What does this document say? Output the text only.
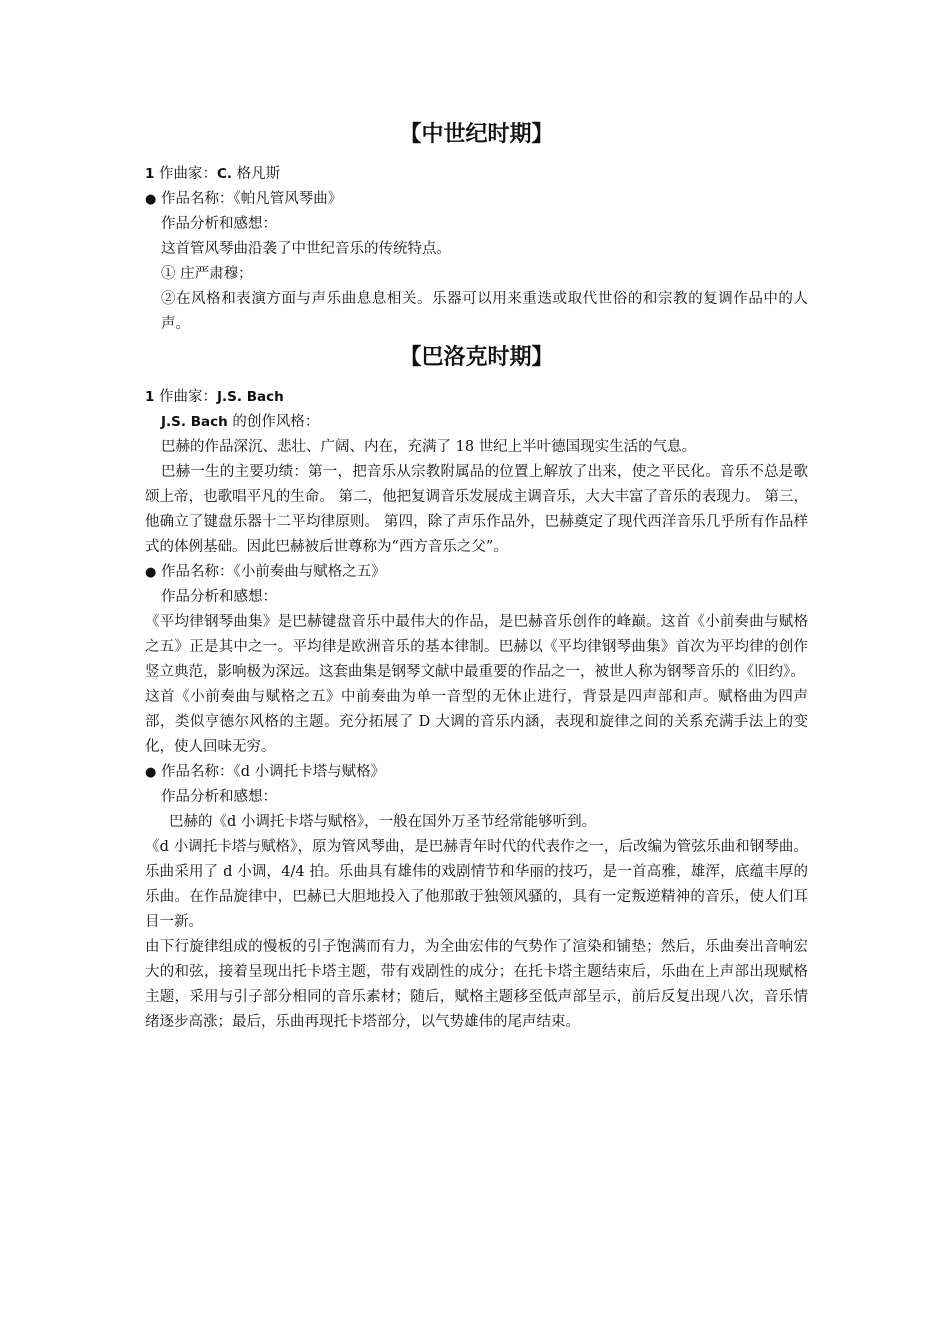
【中世纪时期】

1 作曲家：C. 格凡斯

● 作品名称：《帕凡管风琴曲》

作品分析和感想：

这首管风琴曲沿袭了中世纪音乐的传统特点。

① 庄严肃穆；

②在风格和表演方面与声乐曲息息相关。乐器可以用来重迭或取代世俗的和宗教的复调作品中的人声。

【巴洛克时期】

1 作曲家：J.S. Bach

J.S. Bach 的创作风格：

巴赫的作品深沉、悲壮、广阔、内在，充满了 18 世纪上半叶德国现实生活的气息。

巴赫一生的主要功绩：第一，把音乐从宗教附属品的位置上解放了出来，使之平民化。音乐不总是歌颂上帝，也歌唱平凡的生命。 第二，他把复调音乐发展成主调音乐，大大丰富了音乐的表现力。 第三，他确立了键盘乐器十二平均律原则。 第四，除了声乐作品外，巴赫奠定了现代西洋音乐几乎所有作品样式的体例基础。因此巴赫被后世尊称为“西方音乐之父”。

● 作品名称：《小前奏曲与赋格之五》

作品分析和感想：

《平均律钢琴曲集》是巴赫键盘音乐中最伟大的作品，是巴赫音乐创作的峰巅。这首《小前奏曲与赋格之五》正是其中之一。平均律是欧洲音乐的基本律制。巴赫以《平均律钢琴曲集》首次为平均律的创作竖立典范，影响极为深远。这套曲集是钢琴文献中最重要的作品之一，被世人称为钢琴音乐的《旧约》。

这首《小前奏曲与赋格之五》中前奏曲为单一音型的无休止进行，背景是四声部和声。赋格曲为四声部，类似亨德尔风格的主题。充分拓展了 D 大调的音乐内涵，表现和旋律之间的关系充满手法上的变化，使人回味无穷。

● 作品名称：《d 小调托卡塔与赋格》

作品分析和感想：

巴赫的《d 小调托卡塔与赋格》，一般在国外万圣节经常能够听到。

《d 小调托卡塔与赋格》，原为管风琴曲，是巴赫青年时代的代表作之一，后改编为管弦乐曲和钢琴曲。乐曲采用了 d 小调，4/4 拍。乐曲具有雄伟的戏剧情节和华丽的技巧，是一首高雅，雄浑，底蕴丰厚的乐曲。在作品旋律中，巴赫已大胆地投入了他那敢于独领风骚的，具有一定叛逆精神的音乐，使人们耳目一新。

由下行旋律组成的慢板的引子饱满而有力，为全曲宏伟的气势作了渲染和铺垫；然后，乐曲奏出音响宏大的和弦，接着呈现出托卡塔主题，带有戏剧性的成分；在托卡塔主题结束后，乐曲在上声部出现赋格主题，采用与引子部分相同的音乐素材；随后，赋格主题移至低声部呈示，前后反复出现八次，音乐情绪逐步高涨；最后，乐曲再现托卡塔部分，以气势雄伟的尾声结束。
